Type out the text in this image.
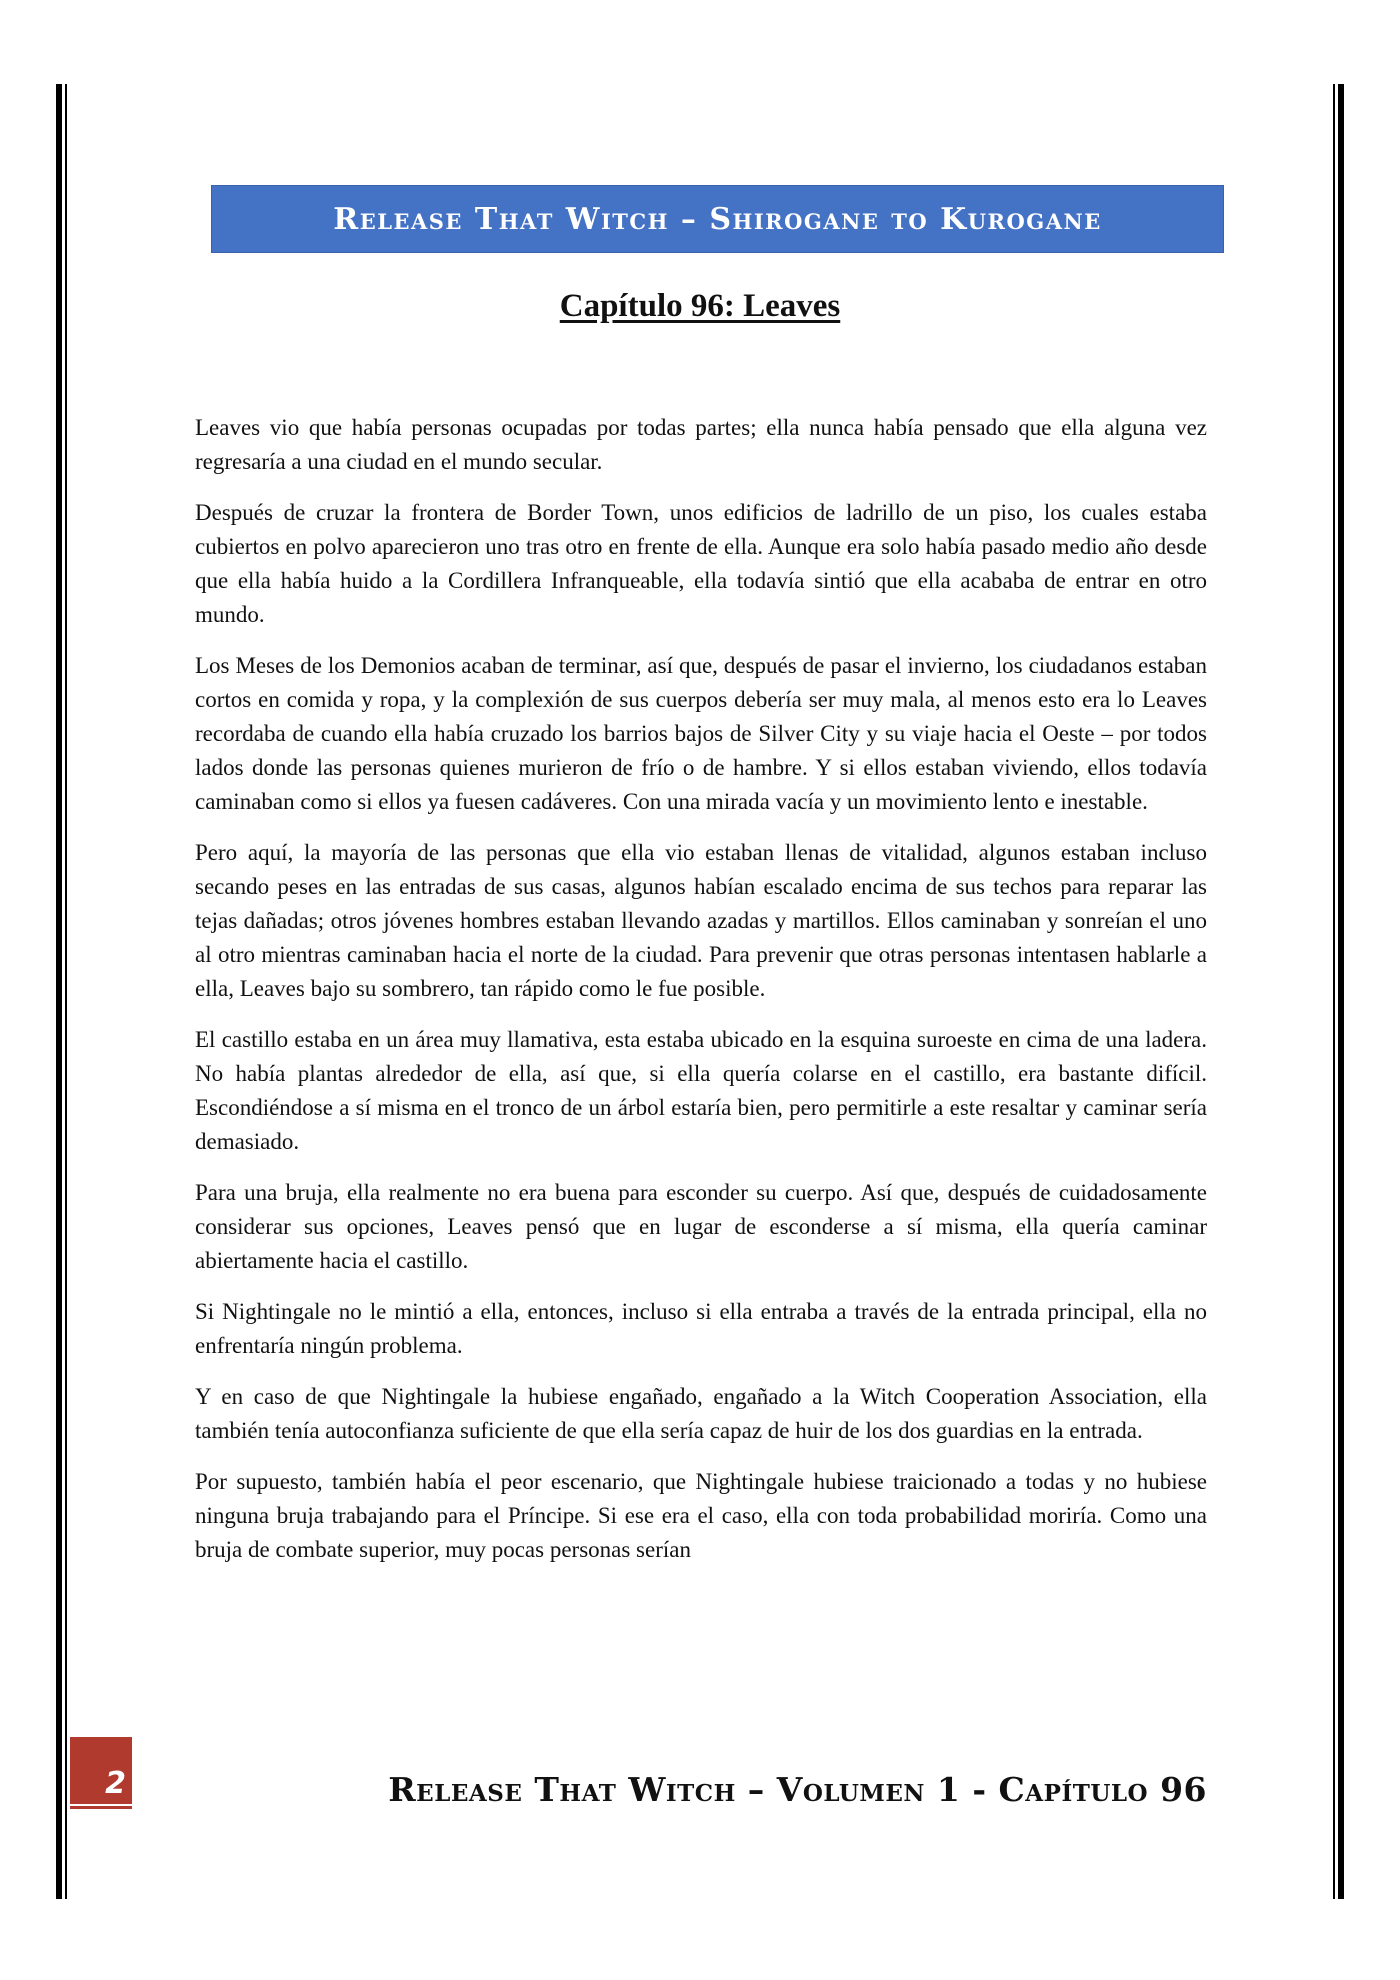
Release That Witch – Shirogane to Kurogane
Capítulo 96: Leaves

Leaves vio que había personas ocupadas por todas partes; ella nunca había pensado que ella alguna vez regresaría a una ciudad en el mundo secular.

Después de cruzar la frontera de Border Town, unos edificios de ladrillo de un piso, los cuales estaba cubiertos en polvo aparecieron uno tras otro en frente de ella. Aunque era solo había pasado medio año desde que ella había huido a la Cordillera Infranqueable, ella todavía sintió que ella acababa de entrar en otro mundo.

Los Meses de los Demonios acaban de terminar, así que, después de pasar el invierno, los ciudadanos estaban cortos en comida y ropa, y la complexión de sus cuerpos debería ser muy mala, al menos esto era lo Leaves recordaba de cuando ella había cruzado los barrios bajos de Silver City y su viaje hacia el Oeste – por todos lados donde las personas quienes murieron de frío o de hambre. Y si ellos estaban viviendo, ellos todavía caminaban como si ellos ya fuesen cadáveres. Con una mirada vacía y un movimiento lento e inestable.

Pero aquí, la mayoría de las personas que ella vio estaban llenas de vitalidad, algunos estaban incluso secando peses en las entradas de sus casas, algunos habían escalado encima de sus techos para reparar las tejas dañadas; otros jóvenes hombres estaban llevando azadas y martillos. Ellos caminaban y sonreían el uno al otro mientras caminaban hacia el norte de la ciudad. Para prevenir que otras personas intentasen hablarle a ella, Leaves bajo su sombrero, tan rápido como le fue posible.

El castillo estaba en un área muy llamativa, esta estaba ubicado en la esquina suroeste en cima de una ladera. No había plantas alrededor de ella, así que, si ella quería colarse en el castillo, era bastante difícil. Escondiéndose a sí misma en el tronco de un árbol estaría bien, pero permitirle a este resaltar y caminar sería demasiado.

Para una bruja, ella realmente no era buena para esconder su cuerpo. Así que, después de cuidadosamente considerar sus opciones, Leaves pensó que en lugar de esconderse a sí misma, ella quería caminar abiertamente hacia el castillo.

Si Nightingale no le mintió a ella, entonces, incluso si ella entraba a través de la entrada principal, ella no enfrentaría ningún problema.

Y en caso de que Nightingale la hubiese engañado, engañado a la Witch Cooperation Association, ella también tenía autoconfianza suficiente de que ella sería capaz de huir de los dos guardias en la entrada.

Por supuesto, también había el peor escenario, que Nightingale hubiese traicionado a todas y no hubiese ninguna bruja trabajando para el Príncipe. Si ese era el caso, ella con toda probabilidad moriría. Como una bruja de combate superior, muy pocas personas serían

2	Release That Witch – Volumen 1 - Capítulo 96
